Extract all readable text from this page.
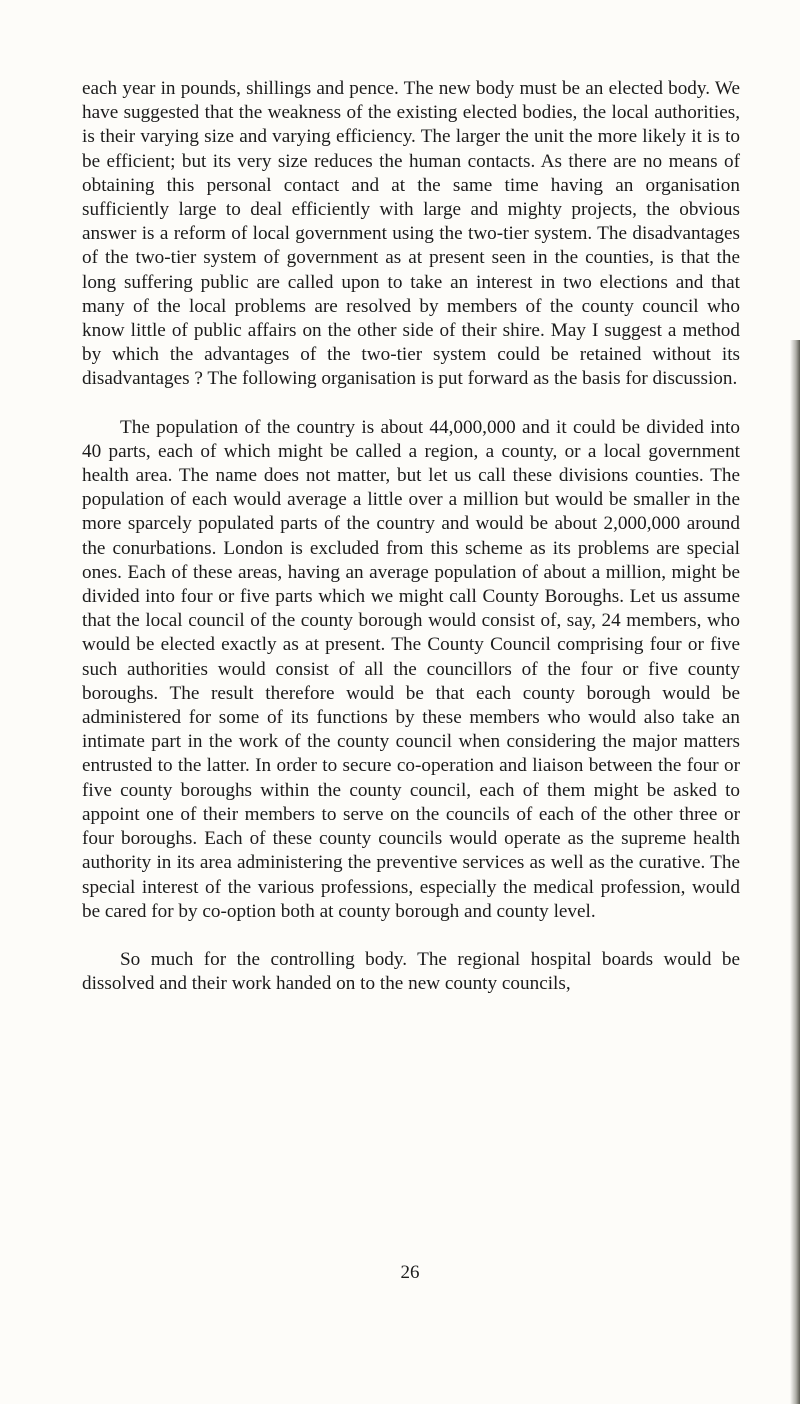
each year in pounds, shillings and pence. The new body must be an elected body. We have suggested that the weakness of the existing elected bodies, the local authorities, is their varying size and varying efficiency. The larger the unit the more likely it is to be efficient; but its very size reduces the human contacts. As there are no means of obtaining this personal contact and at the same time having an organisation sufficiently large to deal efficiently with large and mighty projects, the obvious answer is a reform of local government using the two-tier system. The disadvantages of the two-tier system of government as at present seen in the counties, is that the long suffering public are called upon to take an interest in two elections and that many of the local problems are resolved by members of the county council who know little of public affairs on the other side of their shire. May I suggest a method by which the advantages of the two-tier system could be retained without its disadvantages ? The following organisation is put forward as the basis for discussion.

The population of the country is about 44,000,000 and it could be divided into 40 parts, each of which might be called a region, a county, or a local government health area. The name does not matter, but let us call these divisions counties. The population of each would average a little over a million but would be smaller in the more sparcely populated parts of the country and would be about 2,000,000 around the conurbations. London is excluded from this scheme as its problems are special ones. Each of these areas, having an average population of about a million, might be divided into four or five parts which we might call County Boroughs. Let us assume that the local council of the county borough would consist of, say, 24 members, who would be elected exactly as at present. The County Council comprising four or five such authorities would consist of all the councillors of the four or five county boroughs. The result therefore would be that each county borough would be administered for some of its functions by these members who would also take an intimate part in the work of the county council when considering the major matters entrusted to the latter. In order to secure co-operation and liaison between the four or five county boroughs within the county council, each of them might be asked to appoint one of their members to serve on the councils of each of the other three or four boroughs. Each of these county councils would operate as the supreme health authority in its area administering the preventive services as well as the curative. The special interest of the various professions, especially the medical profession, would be cared for by co-option both at county borough and county level.

So much for the controlling body. The regional hospital boards would be dissolved and their work handed on to the new county councils,

26
